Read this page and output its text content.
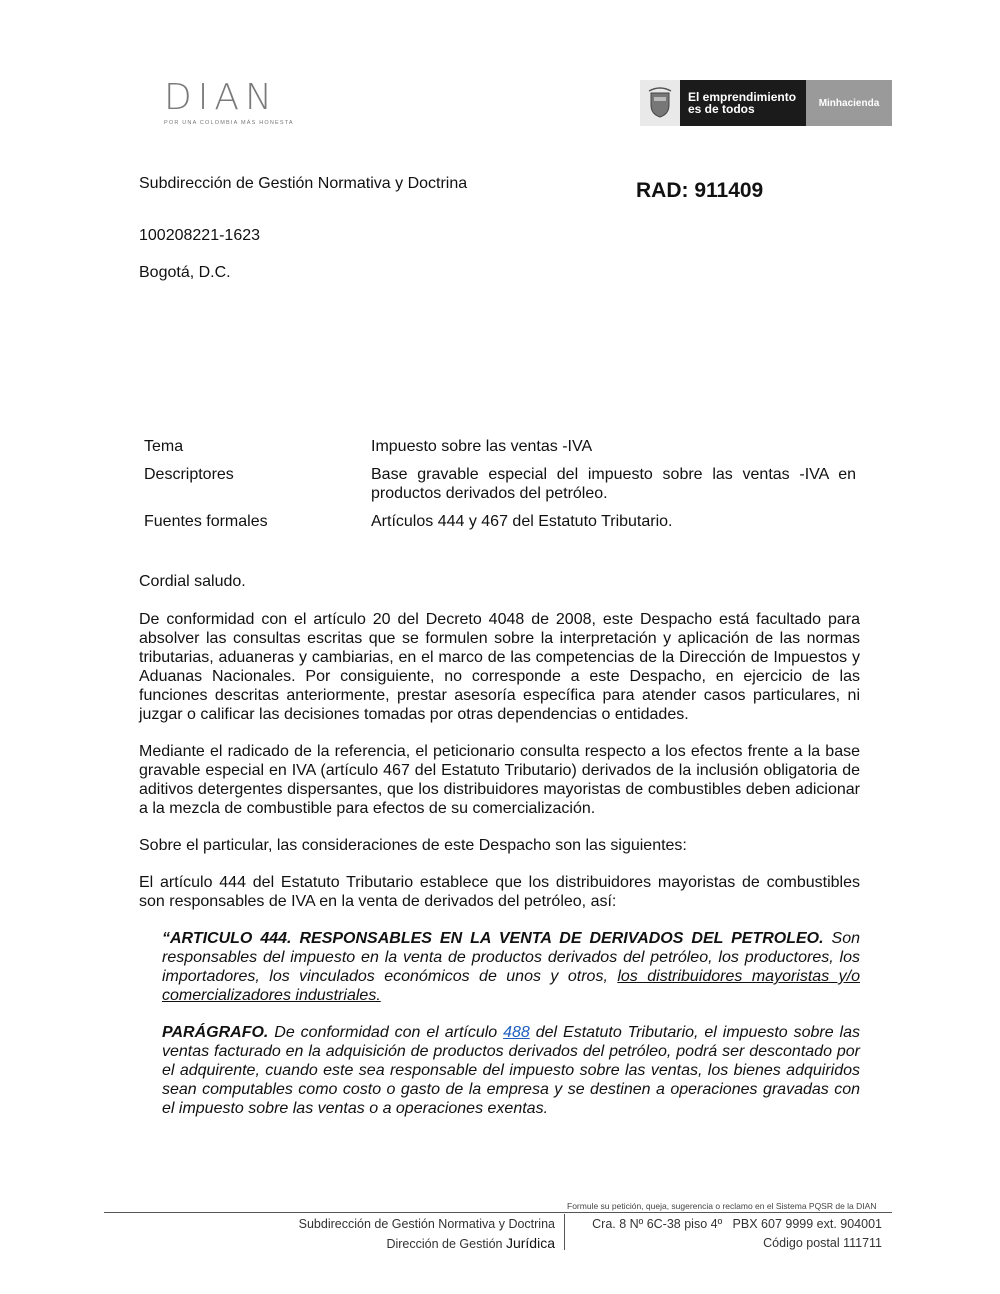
DIAN
POR UNA COLOMBIA MÁS HONESTA
El emprendimiento
es de todos	Minhacienda
Subdirección de Gestión Normativa y Doctrina	RAD: 911409
100208221-1623
Bogotá, D.C.
Tema	Impuesto sobre las ventas -IVA
Descriptores	Base gravable especial del impuesto sobre las ventas -IVA en productos derivados del petróleo.
Fuentes formales	Artículos 444 y 467 del Estatuto Tributario.
Cordial saludo.
De conformidad con el artículo 20 del Decreto 4048 de 2008, este Despacho está facultado para absolver las consultas escritas que se formulen sobre la interpretación y aplicación de las normas tributarias, aduaneras y cambiarias, en el marco de las competencias de la Dirección de Impuestos y Aduanas Nacionales. Por consiguiente, no corresponde a este Despacho, en ejercicio de las funciones descritas anteriormente, prestar asesoría específica para atender casos particulares, ni juzgar o calificar las decisiones tomadas por otras dependencias o entidades.
Mediante el radicado de la referencia, el peticionario consulta respecto a los efectos frente a la base gravable especial en IVA (artículo 467 del Estatuto Tributario) derivados de la inclusión obligatoria de aditivos detergentes dispersantes, que los distribuidores mayoristas de combustibles deben adicionar a la mezcla de combustible para efectos de su comercialización.
Sobre el particular, las consideraciones de este Despacho son las siguientes:
El artículo 444 del Estatuto Tributario establece que los distribuidores mayoristas de combustibles son responsables de IVA en la venta de derivados del petróleo, así:
“ARTICULO 444. RESPONSABLES EN LA VENTA DE DERIVADOS DEL PETROLEO. Son responsables del impuesto en la venta de productos derivados del petróleo, los productores, los importadores, los vinculados económicos de unos y otros, los distribuidores mayoristas y/o comercializadores industriales.
PARÁGRAFO. De conformidad con el artículo 488 del Estatuto Tributario, el impuesto sobre las ventas facturado en la adquisición de productos derivados del petróleo, podrá ser descontado por el adquirente, cuando este sea responsable del impuesto sobre las ventas, los bienes adquiridos sean computables como costo o gasto de la empresa y se destinen a operaciones gravadas con el impuesto sobre las ventas o a operaciones exentas.
Formule su petición, queja, sugerencia o reclamo en el Sistema PQSR de la DIAN
Subdirección de Gestión Normativa y Doctrina
Dirección de Gestión Jurídica
Cra. 8 Nº 6C-38 piso 4º   PBX 607 9999 ext. 904001
Código postal 111711
